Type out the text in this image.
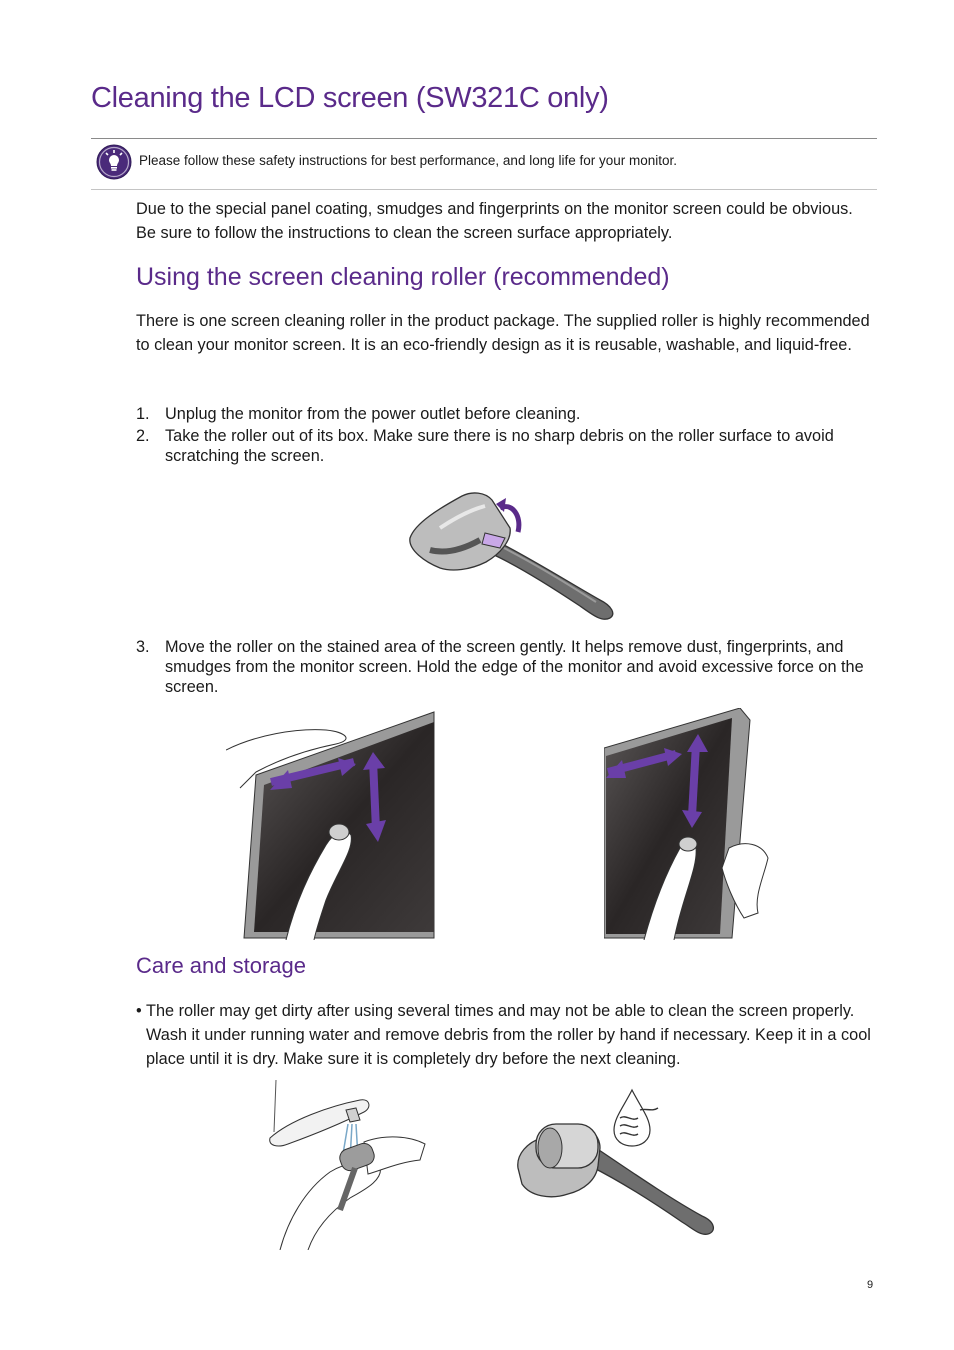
Cleaning the LCD screen (SW321C only)
Please follow these safety instructions for best performance, and long life for your monitor.

Due to the special panel coating, smudges and fingerprints on the monitor screen could be obvious. Be sure to follow the instructions to clean the screen surface appropriately.

Using the screen cleaning roller (recommended)

There is one screen cleaning roller in the product package. The supplied roller is highly recommended to clean your monitor screen. It is an eco-friendly design as it is reusable, washable, and liquid-free.

1. Unplug the monitor from the power outlet before cleaning.
2. Take the roller out of its box. Make sure there is no sharp debris on the roller surface to avoid scratching the screen.
3. Move the roller on the stained area of the screen gently. It helps remove dust, fingerprints, and smudges from the monitor screen. Hold the edge of the monitor and avoid excessive force on the screen.
Care and storage
• The roller may get dirty after using several times and may not be able to clean the screen properly. Wash it under running water and remove debris from the roller by hand if necessary. Keep it in a cool place until it is dry. Make sure it is completely dry before the next cleaning.
9
